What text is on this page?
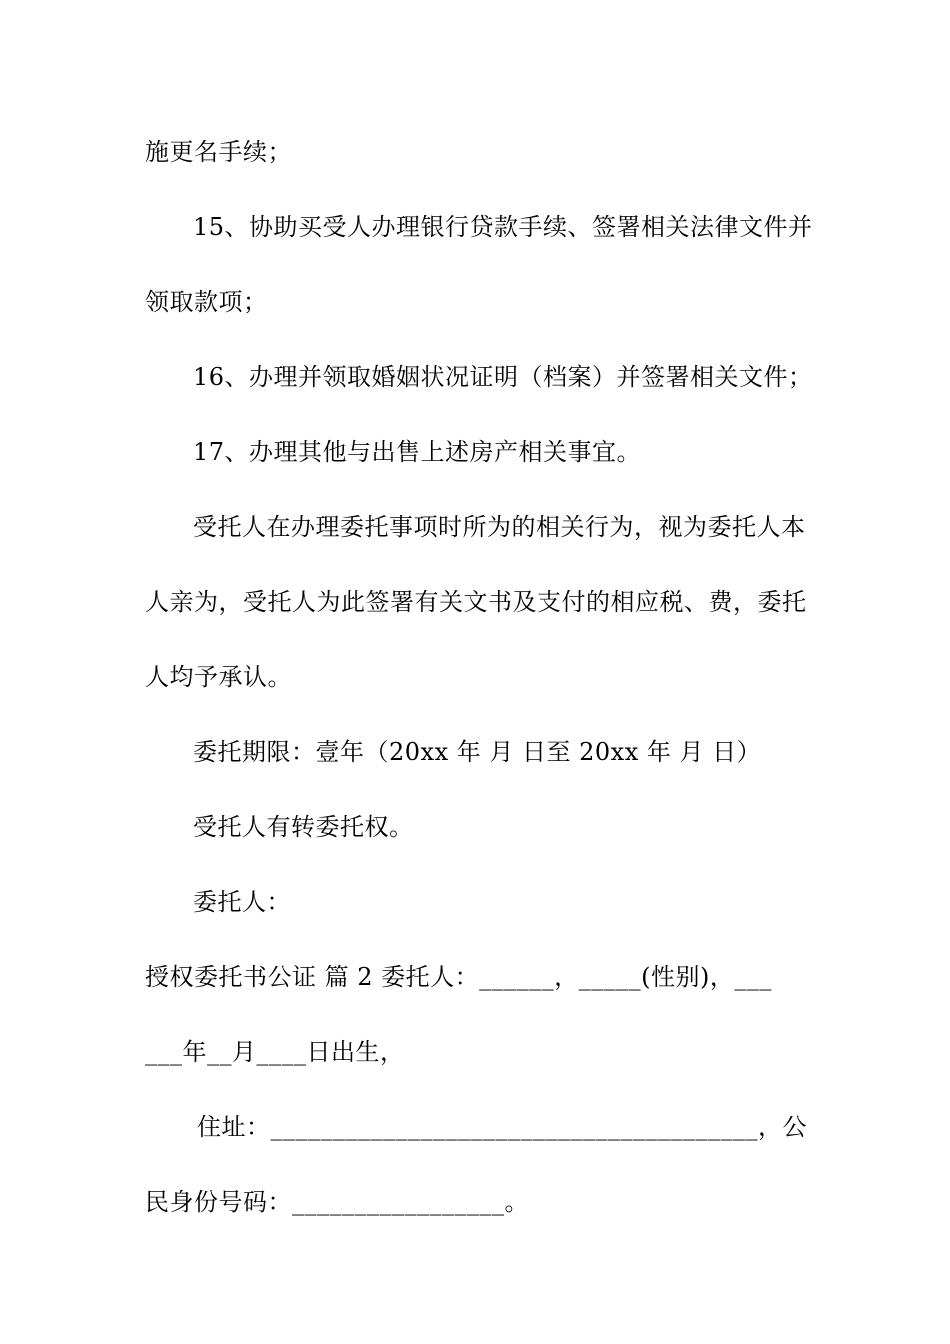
施更名手续；
15、协助买受人办理银行贷款手续、签署相关法律文件并
领取款项；
16、办理并领取婚姻状况证明（档案）并签署相关文件；
17、办理其他与出售上述房产相关事宜。
受托人在办理委托事项时所为的相关行为，视为委托人本
人亲为，受托人为此签署有关文书及支付的相应税、费，委托
人均予承认。
委托期限：壹年（20xx 年 月 日至 20xx 年 月 日）
受托人有转委托权。
委托人：
授权委托书公证 篇 2 委托人：______，_____(性别)，___
___年__月____日出生，
住址：_______________________________________，公
民身份号码：_________________。
